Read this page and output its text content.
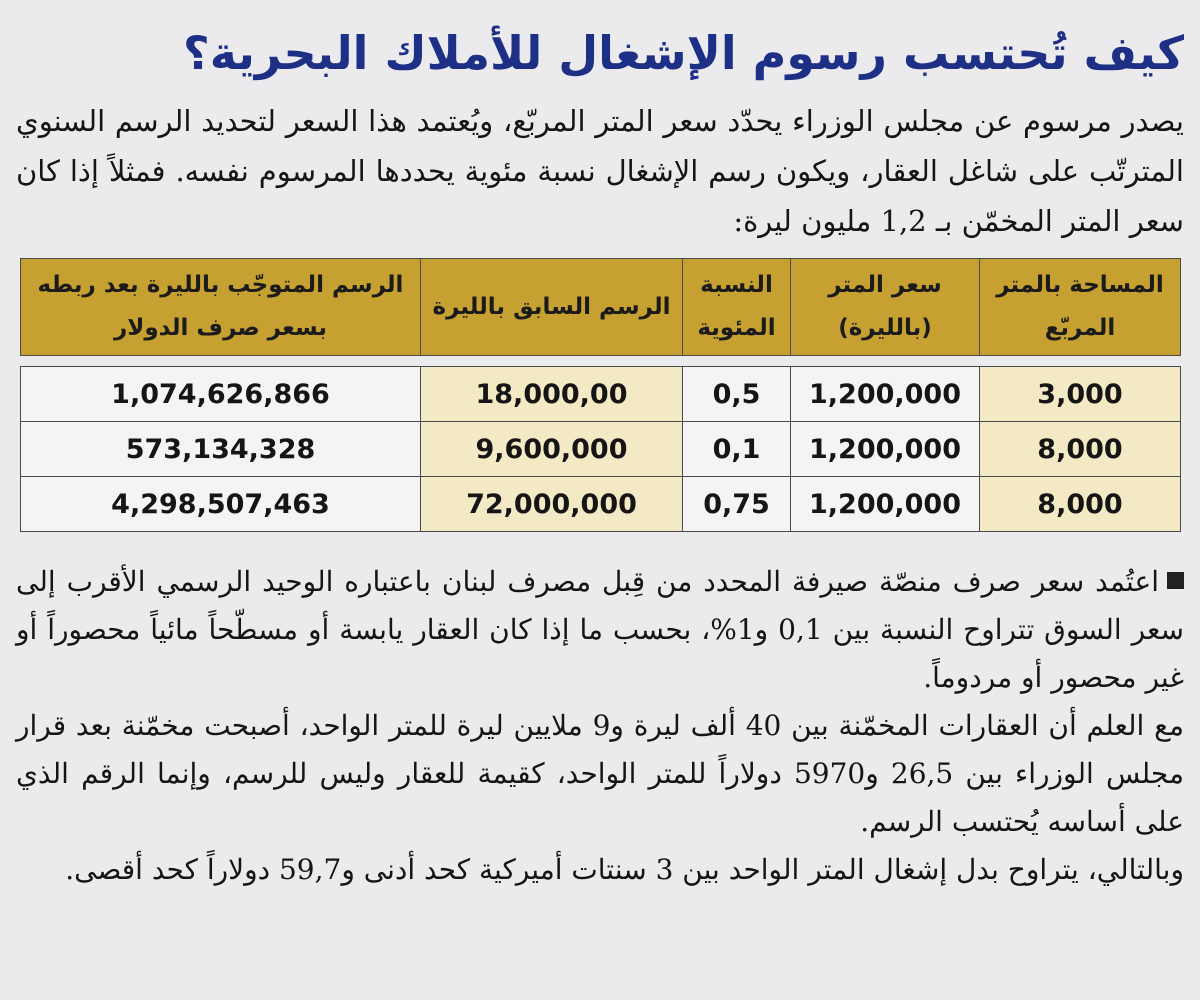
كيف تُحتسب رسوم الإشغال للأملاك البحرية؟
يصدر مرسوم عن مجلس الوزراء يحدّد سعر المتر المربّع، ويُعتمد هذا السعر لتحديد الرسم السنوي المترتّب على شاغل العقار، ويكون رسم الإشغال نسبة مئوية يحددها المرسوم نفسه. فمثلاً إذا كان سعر المتر المخمّن بـ 1,2 مليون ليرة:
المساحة بالمتر المربّع	سعر المتر (بالليرة)	النسبة المئوية	الرسم السابق بالليرة	الرسم المتوجّب بالليرة بعد ربطه بسعر صرف الدولار

3,000	1,200,000	0,5	18,000,00	1,074,626,866
8,000	1,200,000	0,1	9,600,000	573,134,328
8,000	1,200,000	0,75	72,000,000	4,298,507,463

اعتُمد سعر صرف منصّة صيرفة المحدد من قِبل مصرف لبنان باعتباره الوحيد الرسمي الأقرب إلى سعر السوق تتراوح النسبة بين 0,1 و1%، بحسب ما إذا كان العقار يابسة أو مسطّحاً مائياً محصوراً أو غير محصور أو مردوماً.

مع العلم أن العقارات المخمّنة بين 40 ألف ليرة و9 ملايين ليرة للمتر الواحد، أصبحت مخمّنة بعد قرار مجلس الوزراء بين 26,5 و5970 دولاراً للمتر الواحد، كقيمة للعقار وليس للرسم، وإنما الرقم الذي على أساسه يُحتسب الرسم.

وبالتالي، يتراوح بدل إشغال المتر الواحد بين 3 سنتات أميركية كحد أدنى و59,7 دولاراً كحد أقصى.
